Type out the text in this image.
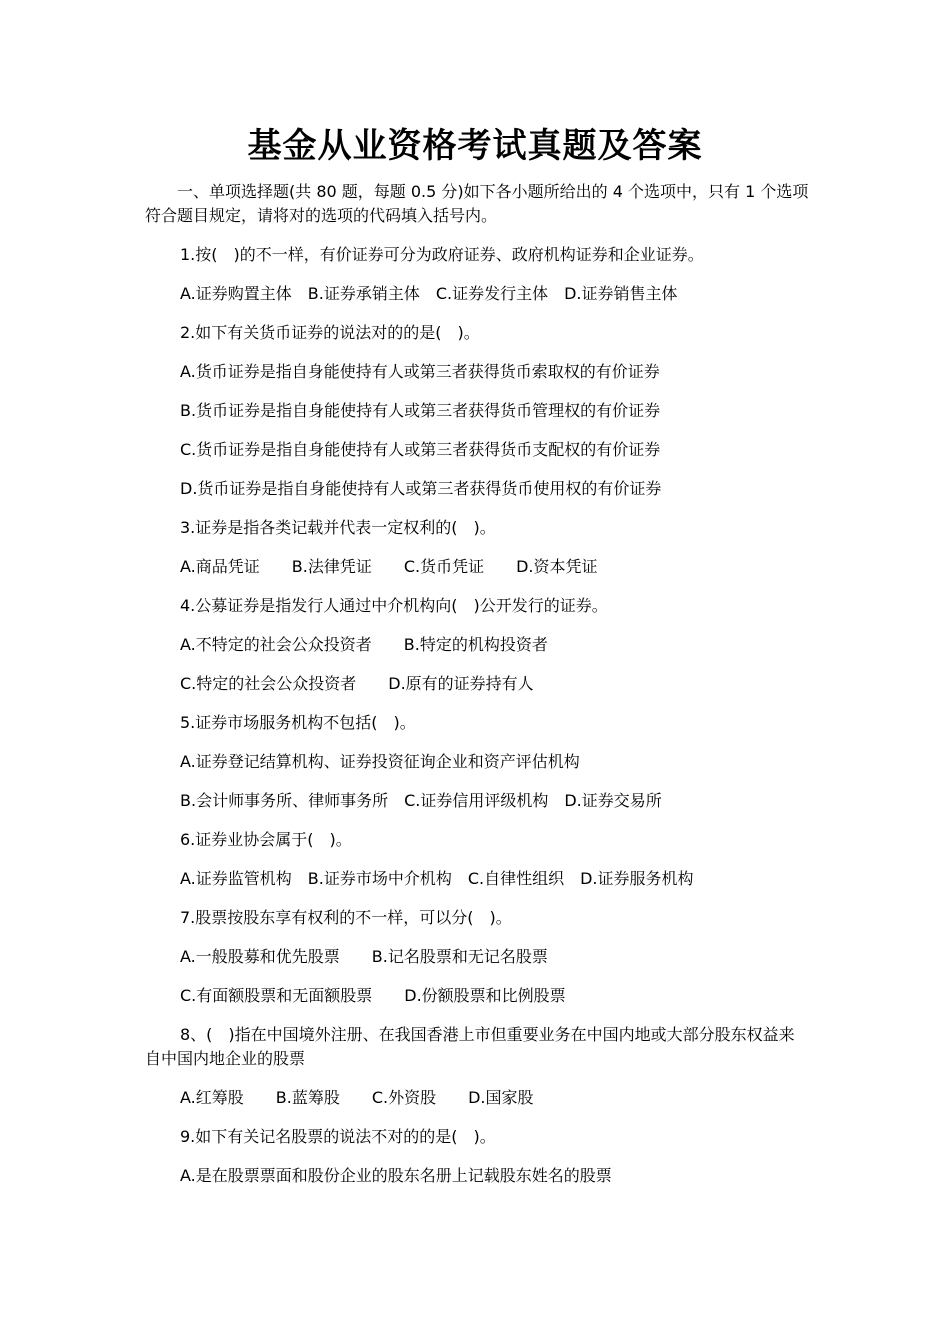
基金从业资格考试真题及答案
一、单项选择题(共 80 题，每题 0.5 分)如下各小题所给出的 4 个选项中，只有 1 个选项符合题目规定，请将对的选项的代码填入括号内。
1.按(　)的不一样，有价证券可分为政府证券、政府机构证券和企业证券。
A.证券购置主体　B.证券承销主体　C.证券发行主体　D.证券销售主体
2.如下有关货币证券的说法对的的是(　)。
A.货币证券是指自身能使持有人或第三者获得货币索取权的有价证券
B.货币证券是指自身能使持有人或第三者获得货币管理权的有价证券
C.货币证券是指自身能使持有人或第三者获得货币支配权的有价证券
D.货币证券是指自身能使持有人或第三者获得货币使用权的有价证券
3.证券是指各类记载并代表一定权利的(　)。
A.商品凭证　　B.法律凭证　　C.货币凭证　　D.资本凭证
4.公募证券是指发行人通过中介机构向(　)公开发行的证券。
A.不特定的社会公众投资者　　B.特定的机构投资者
C.特定的社会公众投资者　　D.原有的证券持有人
5.证券市场服务机构不包括(　)。
A.证券登记结算机构、证券投资征询企业和资产评估机构
B.会计师事务所、律师事务所　C.证券信用评级机构　D.证券交易所
6.证券业协会属于(　)。
A.证券监管机构　B.证券市场中介机构　C.自律性组织　D.证券服务机构
7.股票按股东享有权利的不一样，可以分(　)。
A.一般股募和优先股票　　B.记名股票和无记名股票
C.有面额股票和无面额股票　　D.份额股票和比例股票
8、(　)指在中国境外注册、在我国香港上市但重要业务在中国内地或大部分股东权益来自中国内地企业的股票
A.红筹股　　B.蓝筹股　　C.外资股　　D.国家股
9.如下有关记名股票的说法不对的的是(　)。
A.是在股票票面和股份企业的股东名册上记载股东姓名的股票
